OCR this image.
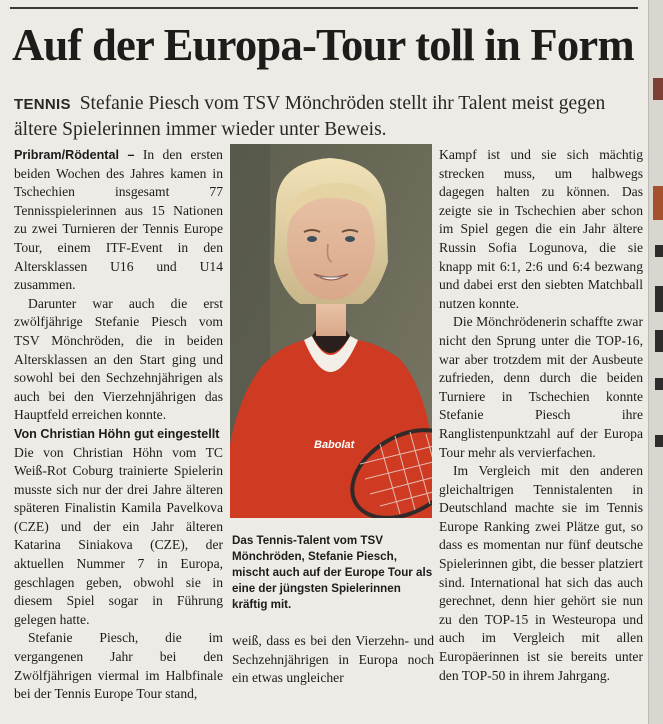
Auf der Europa-Tour toll in Form
TENNIS Stefanie Piesch vom TSV Mönchröden stellt ihr Talent meist gegen ältere Spielerinnen immer wieder unter Beweis.

Pribram/Rödental – In den ersten beiden Wochen des Jahres kamen in Tschechien insgesamt 77 Tennisspielerinnen aus 15 Nationen zu zwei Turnieren der Tennis Europe Tour, einem ITF-Event in den Altersklassen U16 und U14 zusammen.

Darunter war auch die erst zwölfjährige Stefanie Piesch vom TSV Mönchröden, die in beiden Altersklassen an den Start ging und sowohl bei den Sechzehnjährigen als auch bei den Vierzehnjährigen das Hauptfeld erreichen konnte.

Von Christian Höhn gut eingestellt

Die von Christian Höhn vom TC Weiß-Rot Coburg trainierte Spielerin musste sich nur der drei Jahre älteren späteren Finalistin Kamila Pavelkova (CZE) und der ein Jahr älteren Katarina Siniakova (CZE), der aktuellen Nummer 7 in Europa, geschlagen geben, obwohl sie in diesem Spiel sogar in Führung gelegen hatte.

Stefanie Piesch, die im vergangenen Jahr bei den Zwölfjährigen viermal im Halbfinale bei der Tennis Europe Tour stand,

Babolat
Das Tennis-Talent vom TSV Mönchröden, Stefanie Piesch, mischt auch auf der Europe Tour als eine der jüngsten Spielerinnen kräftig mit.

weiß, dass es bei den Vierzehn- und Sechzehnjährigen in Europa noch ein etwas ungleicher

Kampf ist und sie sich mächtig strecken muss, um halbwegs dagegen halten zu können. Das zeigte sie in Tschechien aber schon im Spiel gegen die ein Jahr ältere Russin Sofia Logunova, die sie knapp mit 6:1, 2:6 und 6:4 bezwang und dabei erst den siebten Matchball nutzen konnte.

Die Mönchrödenerin schaffte zwar nicht den Sprung unter die TOP-16, war aber trotzdem mit der Ausbeute zufrieden, denn durch die beiden Turniere in Tschechien konnte Stefanie Piesch ihre Ranglistenpunktzahl auf der Europa Tour mehr als vervierfachen.

Im Vergleich mit den anderen gleichaltrigen Tennistalenten in Deutschland machte sie im Tennis Europe Ranking zwei Plätze gut, so dass es momentan nur fünf deutsche Spielerinnen gibt, die besser platziert sind. International hat sich das auch gerechnet, denn hier gehört sie nun zu den TOP-15 in Westeuropa und auch im Vergleich mit allen Europäerinnen ist sie bereits unter den TOP-50 in ihrem Jahrgang.
